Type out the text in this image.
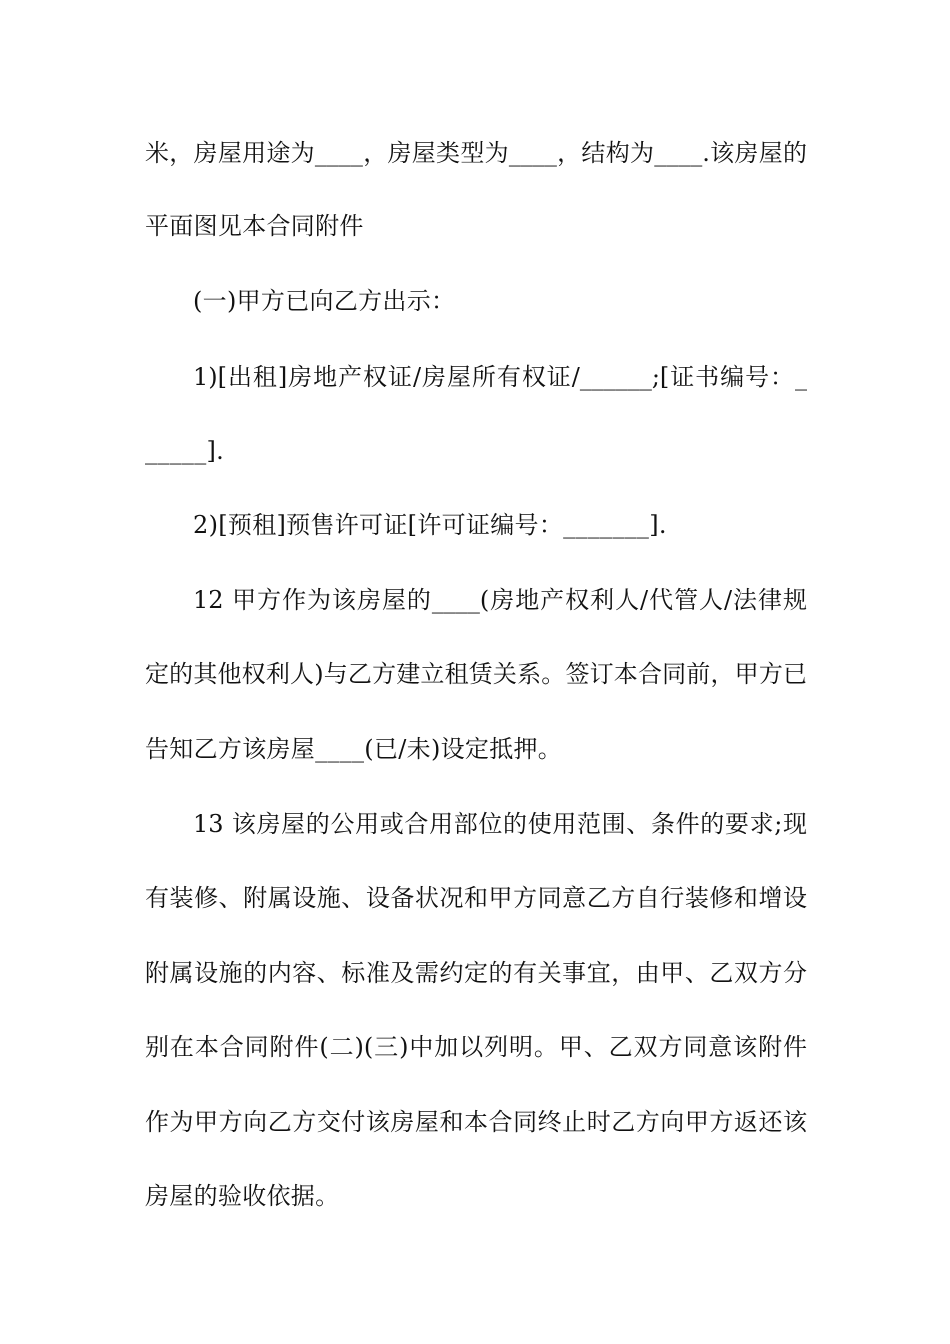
米，房屋用途为____，房屋类型为____，结构为____.该房屋的
平面图见本合同附件
(一)甲方已向乙方出示：
1)[出租]房地产权证/房屋所有权证/______;[证书编号：_
_____].
2)[预租]预售许可证[许可证编号：_______].
12 甲方作为该房屋的____(房地产权利人/代管人/法律规
定的其他权利人)与乙方建立租赁关系。签订本合同前，甲方已
告知乙方该房屋____(已/未)设定抵押。
13 该房屋的公用或合用部位的使用范围、条件的要求;现
有装修、附属设施、设备状况和甲方同意乙方自行装修和增设
附属设施的内容、标准及需约定的有关事宜，由甲、乙双方分
别在本合同附件(二)(三)中加以列明。甲、乙双方同意该附件
作为甲方向乙方交付该房屋和本合同终止时乙方向甲方返还该
房屋的验收依据。
